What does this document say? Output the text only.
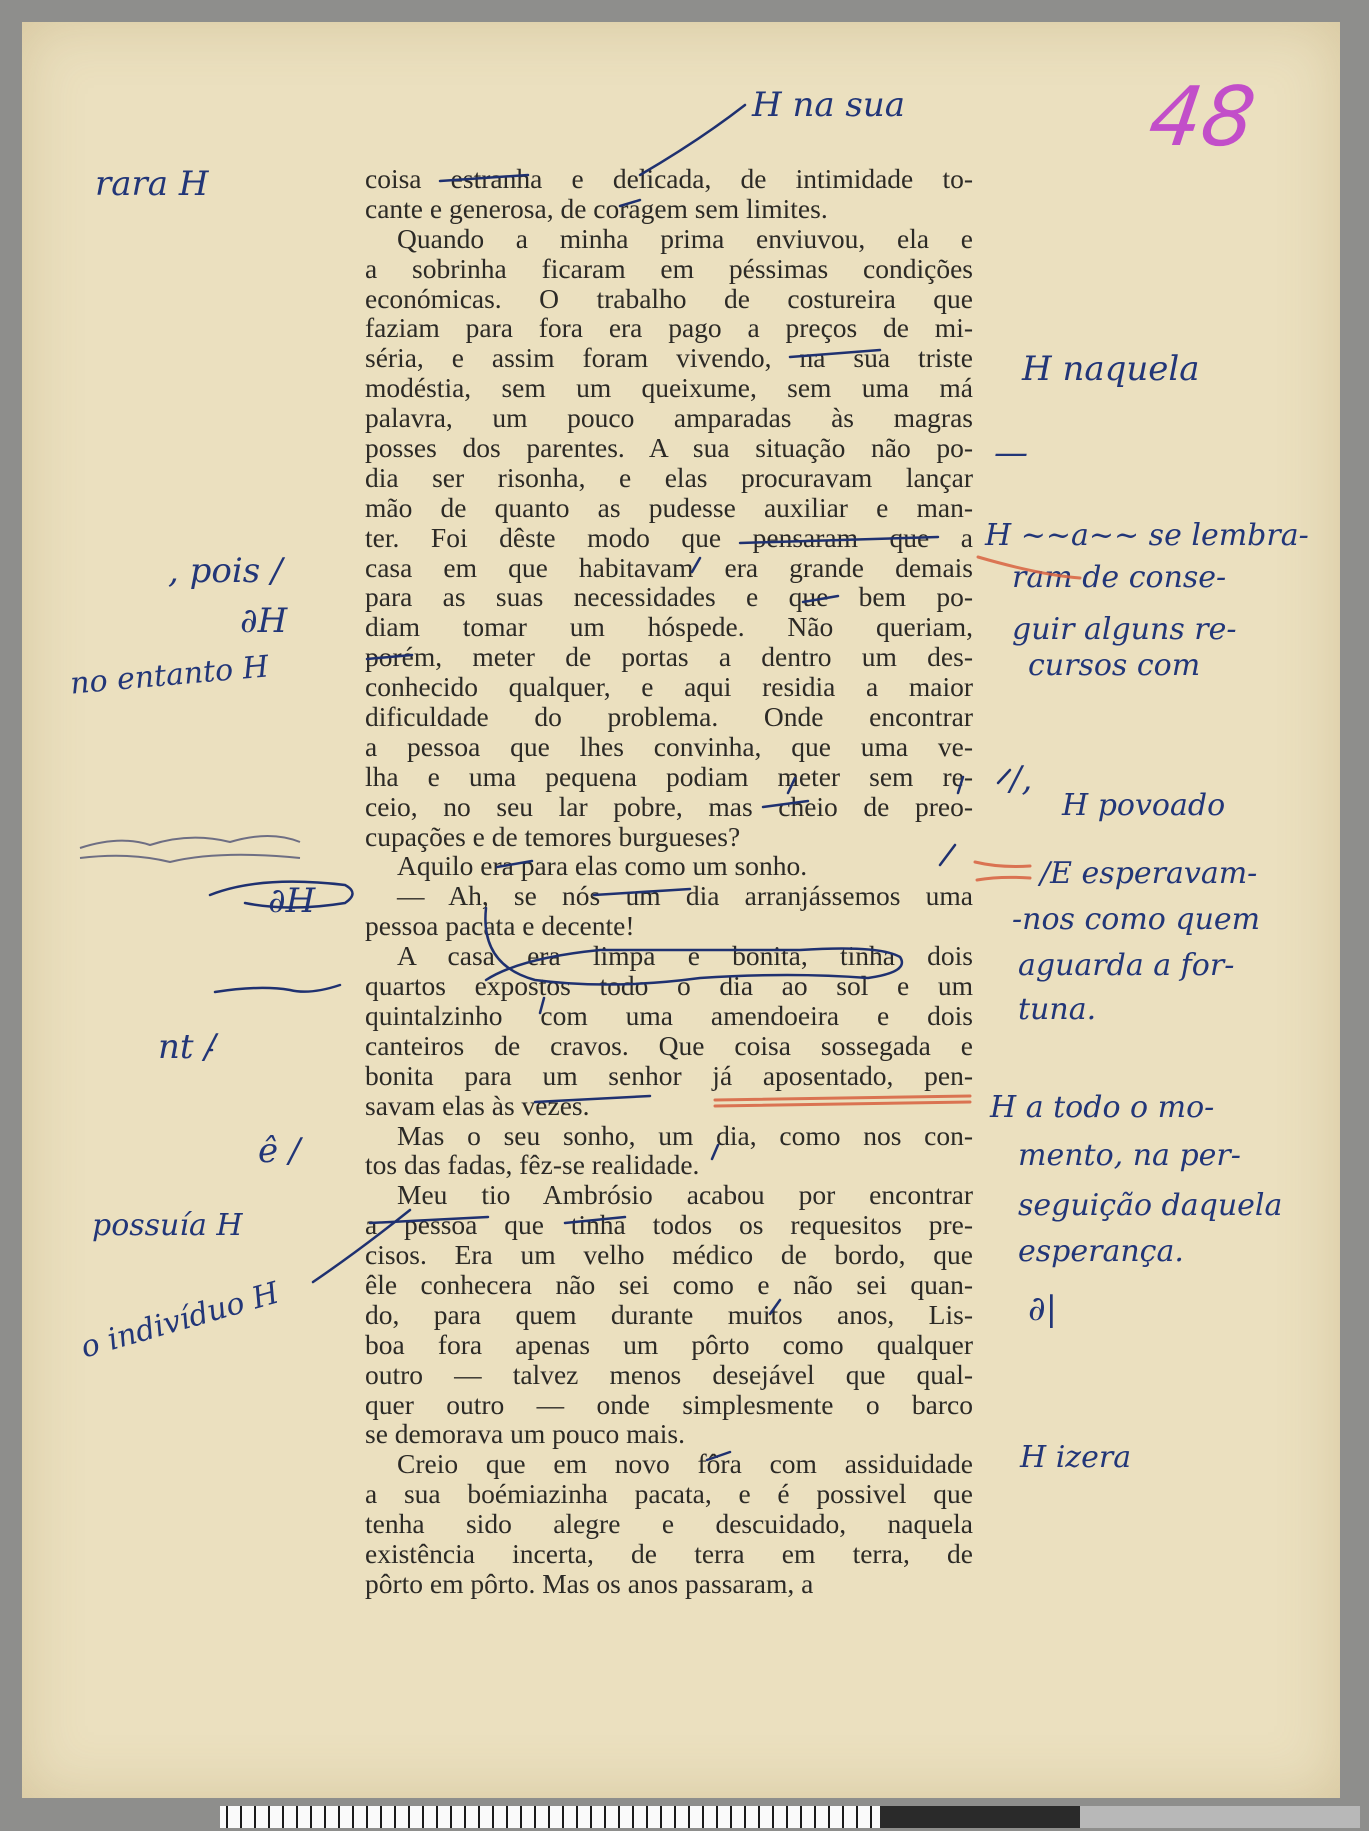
48
coisa estranha e delicada, de intimidade to-
cante e generosa, de coragem sem limites.
Quando a minha prima enviuvou, ela e
a sobrinha ficaram em péssimas condições
económicas. O trabalho de costureira que
faziam para fora era pago a preços de mi-
séria, e assim foram vivendo, na sua triste
modéstia, sem um queixume, sem uma má
palavra, um pouco amparadas às magras
posses dos parentes. A sua situação não po-
dia ser risonha, e elas procuravam lançar
mão de quanto as pudesse auxiliar e man-
ter. Foi dêste modo que pensaram que a
casa em que habitavam era grande demais
para as suas necessidades e que bem po-
diam tomar um hóspede. Não queriam,
porém, meter de portas a dentro um des-
conhecido qualquer, e aqui residia a maior
dificuldade do problema. Onde encontrar
a pessoa que lhes convinha, que uma ve-
lha e uma pequena podiam meter sem re-
ceio, no seu lar pobre, mas cheio de preo-
cupações e de temores burgueses?
Aquilo era para elas como um sonho.
— Ah, se nós um dia arranjássemos uma
pessoa pacata e decente!
A casa era limpa e bonita, tinha dois
quartos expostos todo o dia ao sol e um
quintalzinho com uma amendoeira e dois
canteiros de cravos. Que coisa sossegada e
bonita para um senhor já aposentado, pen-
savam elas às vezes.
Mas o seu sonho, um dia, como nos con-
tos das fadas, fêz-se realidade.
Meu tio Ambrósio acabou por encontrar
a pessoa que tinha todos os requesitos pre-
cisos. Era um velho médico de bordo, que
êle conhecera não sei como e não sei quan-
do, para quem durante muitos anos, Lis-
boa fora apenas um pôrto como qualquer
outro — talvez menos desejável que qual-
quer outro — onde simplesmente o barco
se demorava um pouco mais.
Creio que em novo fôra com assiduidade
a sua boémiazinha pacata, e é possivel que
tenha sido alegre e descuidado, naquela
existência incerta, de terra em terra, de
pôrto em pôrto. Mas os anos passaram, a
rara H
, pois /
∂H
no entanto H
∂H
nt /
ê /
possuía H
o indivíduo H
H na sua
H naquela
—
H ~~a~~ se lembra-
ram de conse-
guir alguns re-
cursos com
/,
H povoado
/E esperavam-
-nos como quem
aguarda a for-
tuna.
H a todo o mo-
mento, na per-
seguição daquela
esperança.
∂|
H izera
